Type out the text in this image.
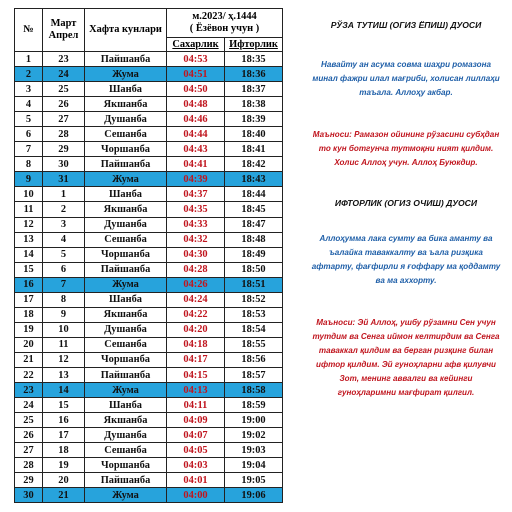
№	Март Апрел	Хафта кунлари	м.2023/ ҳ.1444
( Ёзёвон учун )	

			Сахарлик	Ифторлик
1	23	Пайшанба	04:53	18:35
2	24	Жума	04:51	18:36
3	25	Шанба	04:50	18:37
4	26	Якшанба	04:48	18:38
5	27	Душанба	04:46	18:39
6	28	Сешанба	04:44	18:40
7	29	Чоршанба	04:43	18:41
8	30	Пайшанба	04:41	18:42
9	31	Жума	04:39	18:43
10	1	Шанба	04:37	18:44
11	2	Якшанба	04:35	18:45
12	3	Душанба	04:33	18:47
13	4	Сешанба	04:32	18:48
14	5	Чоршанба	04:30	18:49
15	6	Пайшанба	04:28	18:50
16	7	Жума	04:26	18:51
17	8	Шанба	04:24	18:52
18	9	Якшанба	04:22	18:53
19	10	Душанба	04:20	18:54
20	11	Сешанба	04:18	18:55
21	12	Чоршанба	04:17	18:56
22	13	Пайшанба	04:15	18:57
23	14	Жума	04:13	18:58
24	15	Шанба	04:11	18:59
25	16	Якшанба	04:09	19:00
26	17	Душанба	04:07	19:02
27	18	Сешанба	04:05	19:03
28	19	Чоршанба	04:03	19:04
29	20	Пайшанба	04:01	19:05
30	21	Жума	04:00	19:06
РЎЗА ТУТИШ (ОГИЗ ЁПИШ) ДУОСИ
Навайту ан асума совма шаҳри ромазона минал фажри илал мағриби, холисан лиллаҳи таъала. Аллоҳу акбар.
Маъноси: Рамазон ойининг рўзасини субҳдан то кун ботгунча тутмоқни ният қилдим. Холис Аллоҳ учун. Аллоҳ Буюкдир.
ИФТОРЛИК (ОГИЗ ОЧИШ) ДУОСИ
Аллоҳумма лака сумту ва бика аманту ва ъалайка таваккалту ва ъала ризқика афтарту, фағфирли я ғоффару ма қоддамту ва ма аххорту.
Маъноси: Эй Аллоҳ, ушбу рўзамни Сен учун тутдим ва Сенга иймон келтирдим ва Сенга таваккал қилдим ва берган ризқинг билан ифтор қилдим. Эй гуноҳларни афв қилувчи Зот, менинг аввалги ва кейинги гуноҳларимни мағфират қилгил.
